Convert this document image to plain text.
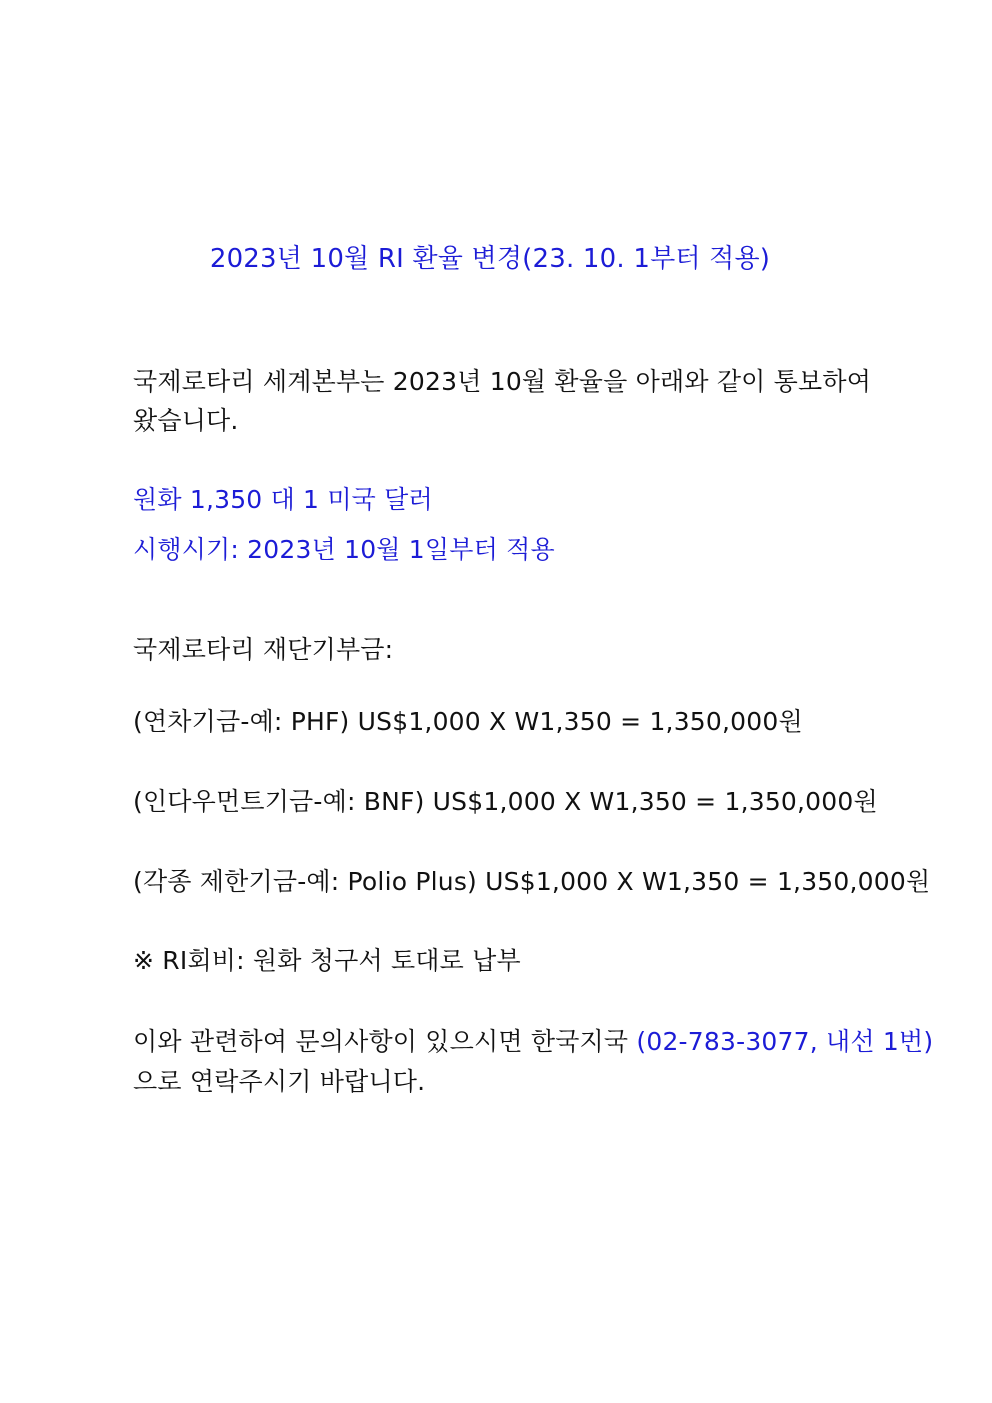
2023년 10월 RI 환율 변경(23. 10. 1부터 적용)
국제로타리 세계본부는 2023년 10월 환율을 아래와 같이 통보하여
왔습니다.
원화 1,350 대 1 미국 달러
시행시기: 2023년 10월 1일부터 적용
국제로타리 재단기부금:
(연차기금-예: PHF) US$1,000 X W1,350 = 1,350,000원
(인다우먼트기금-예: BNF) US$1,000 X W1,350 = 1,350,000원
(각종 제한기금-예: Polio Plus) US$1,000 X W1,350 = 1,350,000원
※ RI회비: 원화 청구서 토대로 납부
이와 관련하여 문의사항이 있으시면 한국지국 (02-783-3077, 내선 1번)
으로 연락주시기 바랍니다.
